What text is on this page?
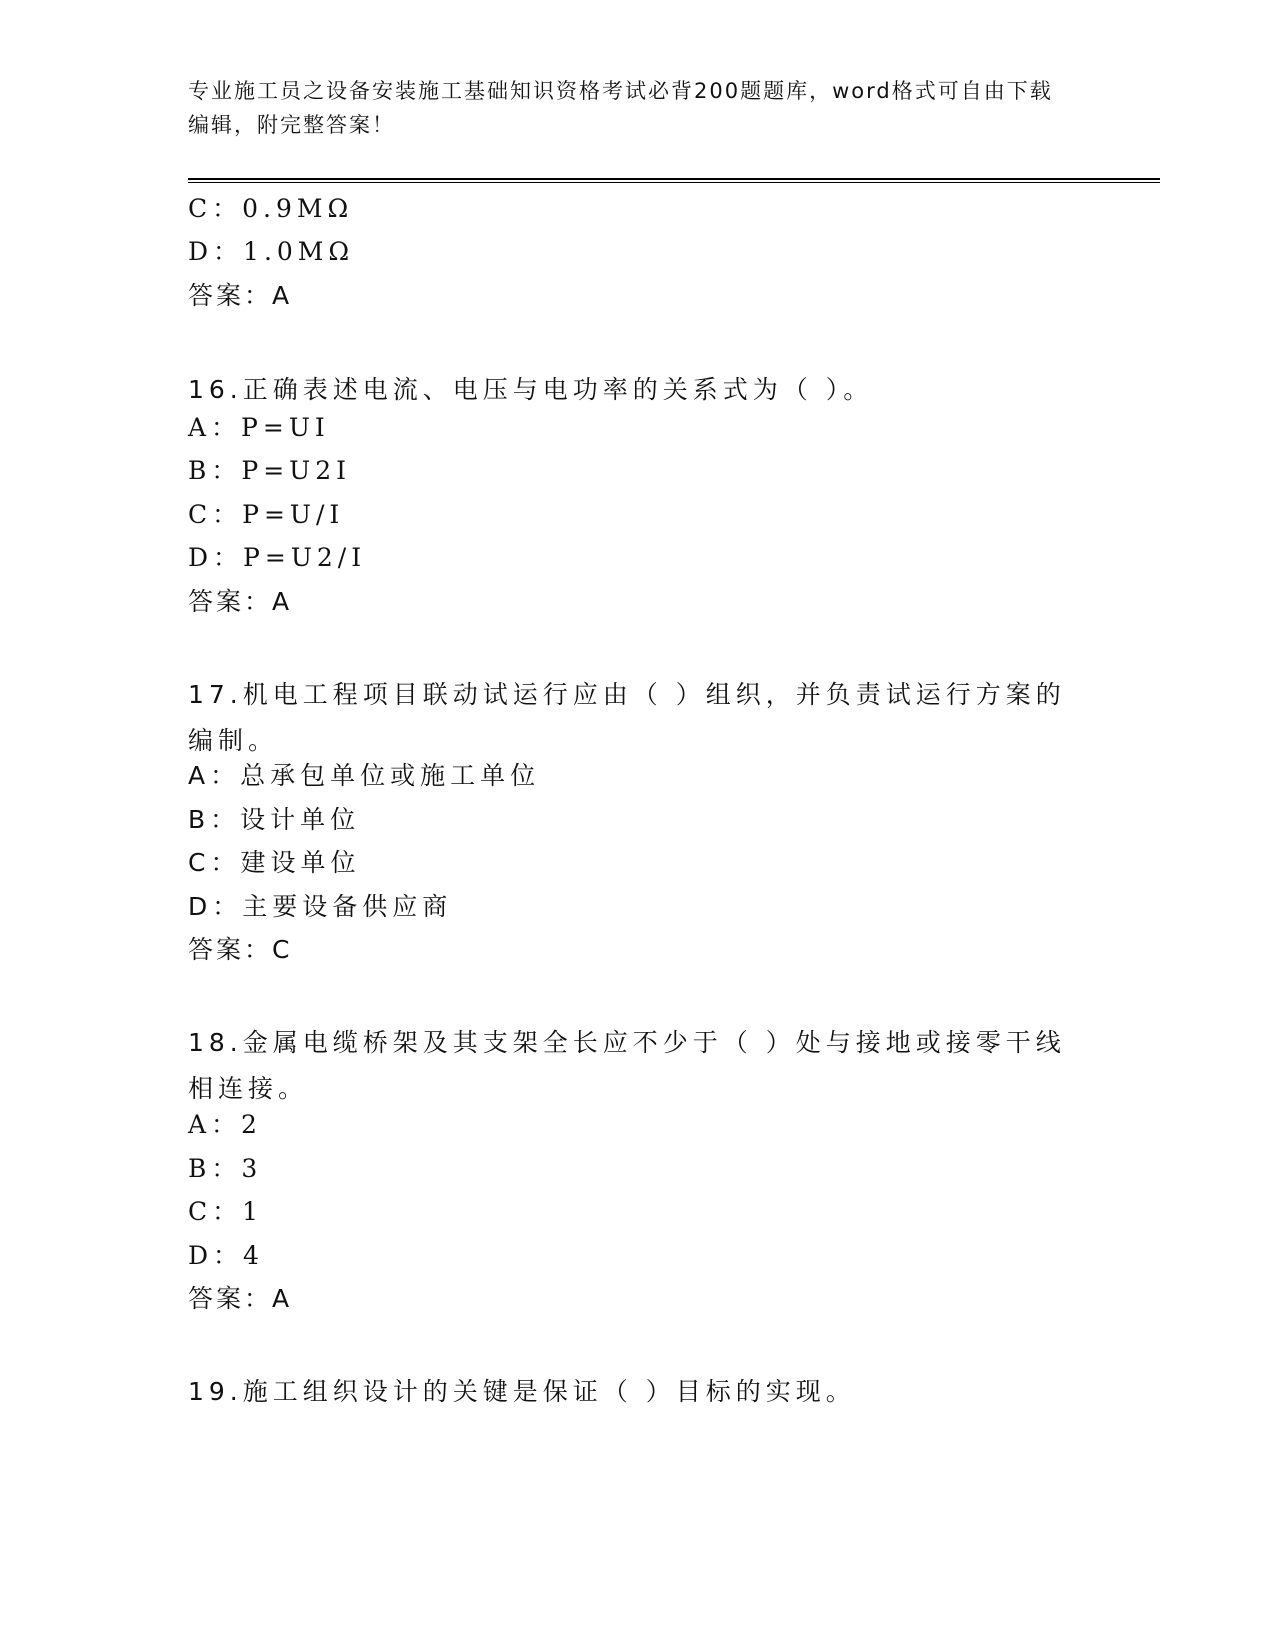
专业施工员之设备安装施工基础知识资格考试必背200题题库，word格式可自由下载编辑，附完整答案！

C：0.9MΩ

D：1.0MΩ

答案：A

16.正确表述电流、电压与电功率的关系式为（ ）。

A：P=UI

B：P=U2I

C：P=U/I

D：P=U2/I

答案：A

17.机电工程项目联动试运行应由（ ）组织，并负责试运行方案的编制。

A：总承包单位或施工单位

B：设计单位

C：建设单位

D：主要设备供应商

答案：C

18.金属电缆桥架及其支架全长应不少于（ ）处与接地或接零干线相连接。

A：2

B：3

C：1

D：4

答案：A

19.施工组织设计的关键是保证（ ）目标的实现。
